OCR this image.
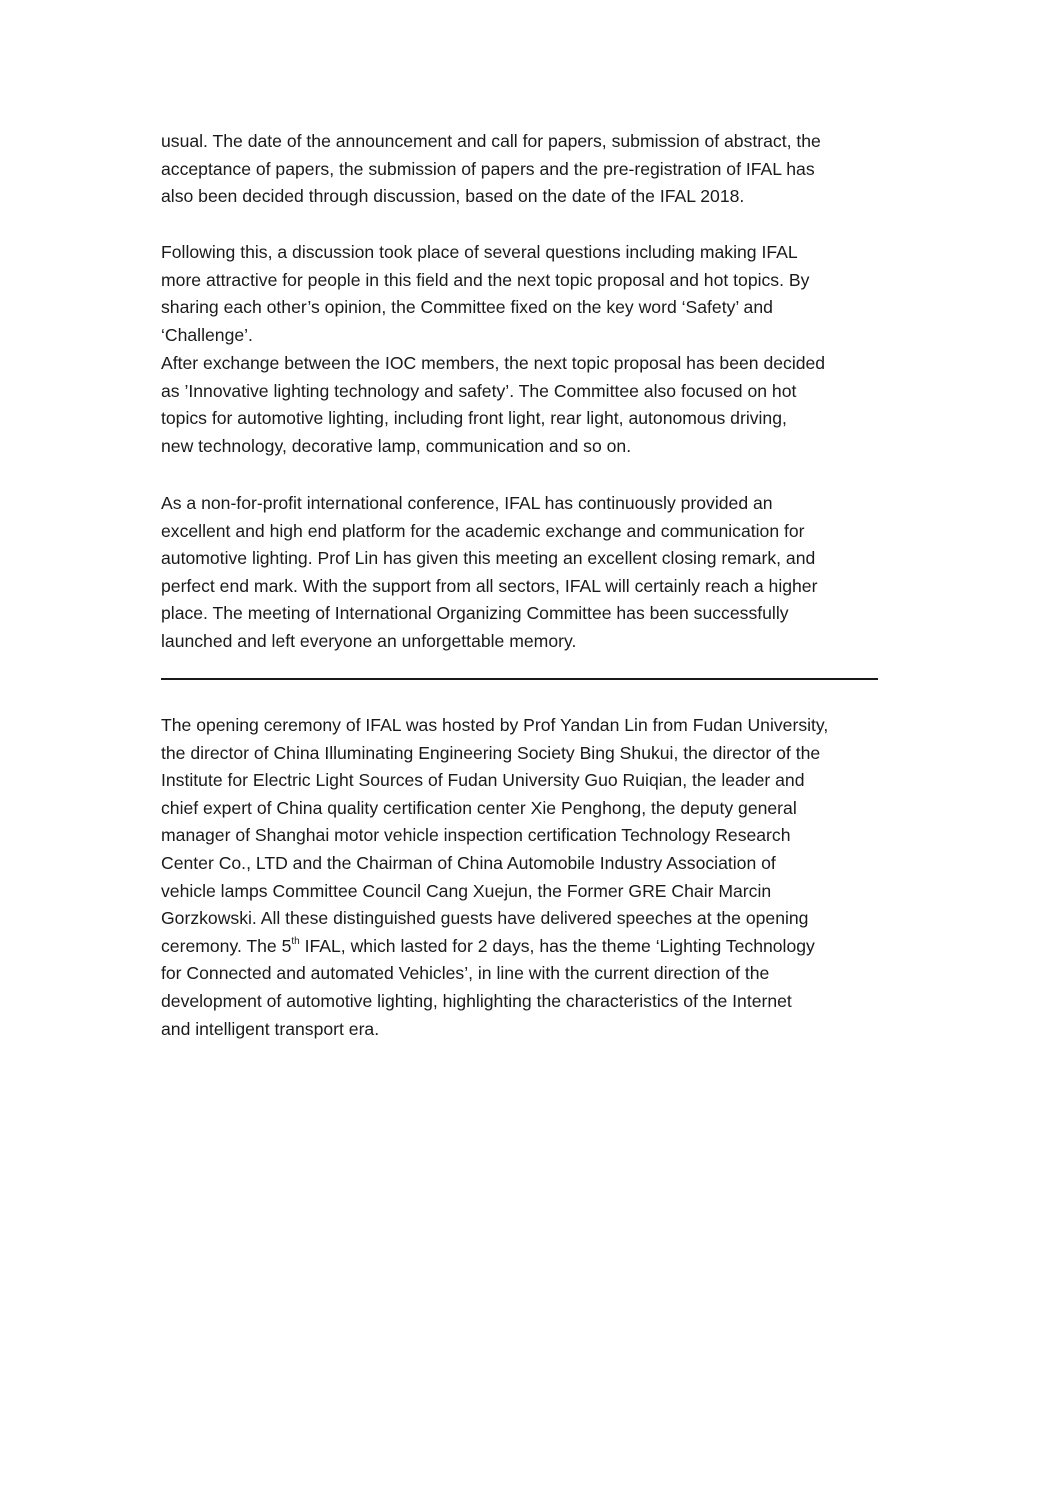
usual. The date of the announcement and call for papers, submission of abstract, the
acceptance of papers, the submission of papers and the pre-registration of IFAL has
also been decided through discussion, based on the date of the IFAL 2018.
Following this, a discussion took place of several questions including making IFAL
more attractive for people in this field and the next topic proposal and hot topics. By
sharing each other’s opinion, the Committee fixed on the key word ‘Safety’ and
‘Challenge’.
After exchange between the IOC members, the next topic proposal has been decided
as ’Innovative lighting technology and safety’. The Committee also focused on hot
topics for automotive lighting, including front light, rear light, autonomous driving,
new technology, decorative lamp, communication and so on.
As a non-for-profit international conference, IFAL has continuously provided an
excellent and high end platform for the academic exchange and communication for
automotive lighting. Prof Lin has given this meeting an excellent closing remark, and
perfect end mark. With the support from all sectors, IFAL will certainly reach a higher
place. The meeting of International Organizing Committee has been successfully
launched and left everyone an unforgettable memory.
The opening ceremony of IFAL was hosted by Prof Yandan Lin from Fudan University,
the director of China Illuminating Engineering Society Bing Shukui, the director of the
Institute for Electric Light Sources of Fudan University Guo Ruiqian, the leader and
chief expert of China quality certification center Xie Penghong, the deputy general
manager of Shanghai motor vehicle inspection certification Technology Research
Center Co., LTD and the Chairman of China Automobile Industry Association of
vehicle lamps Committee Council Cang Xuejun, the Former GRE Chair Marcin
Gorzkowski. All these distinguished guests have delivered speeches at the opening
ceremony. The 5th IFAL, which lasted for 2 days, has the theme ‘Lighting Technology
for Connected and automated Vehicles’, in line with the current direction of the
development of automotive lighting, highlighting the characteristics of the Internet
and intelligent transport era.
